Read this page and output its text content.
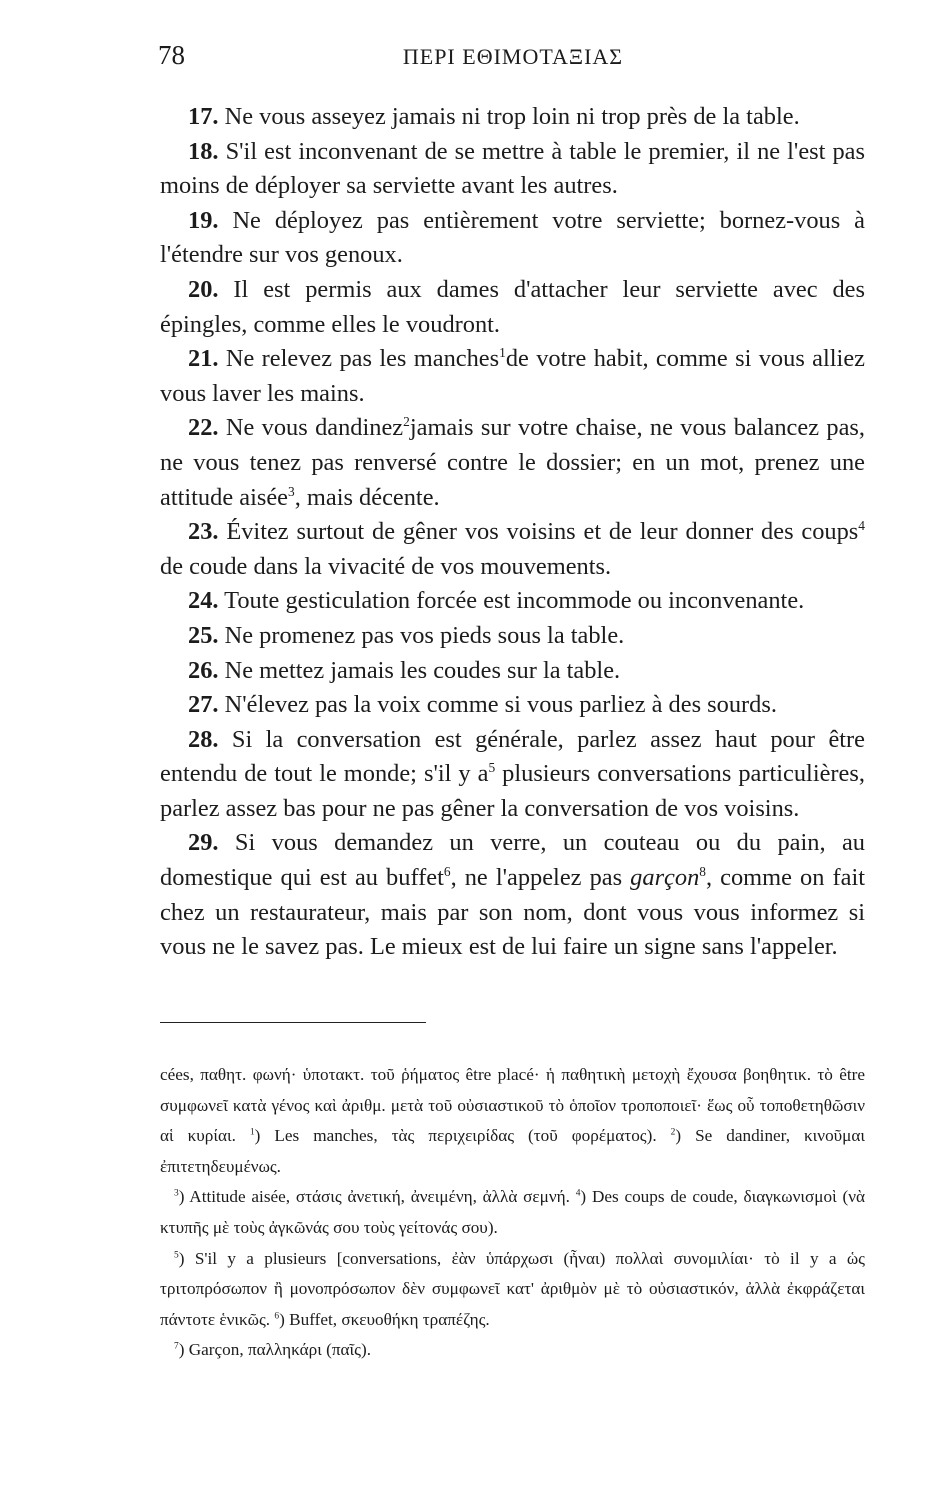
78	ΠΕΡΙ ΕΘΙΜΟΤΑΞΙΑΣ

17. Ne vous asseyez jamais ni trop loin ni trop près de la table.

18. S'il est inconvenant de se mettre à table le premier, il ne l'est pas moins de déployer sa serviette avant les autres.

19. Ne déployez pas entièrement votre serviette; bornez-vous à l'étendre sur vos genoux.

20. Il est permis aux dames d'attacher leur serviette avec des épingles, comme elles le voudront.

21. Ne relevez pas les manches$^1$de votre habit, comme si vous alliez vous laver les mains.

22. Ne vous dandinez$^2$jamais sur votre chaise, ne vous balancez pas, ne vous tenez pas renversé contre le dossier; en un mot, prenez une attitude aisée$^3$, mais décente.

23. Évitez surtout de gêner vos voisins et de leur donner des coups$^4$ de coude dans la vivacité de vos mouvements.

24. Toute gesticulation forcée est incommode ou inconvenante.

25. Ne promenez pas vos pieds sous la table.

26. Ne mettez jamais les coudes sur la table.

27. N'élevez pas la voix comme si vous parliez à des sourds.

28. Si la conversation est générale, parlez assez haut pour être entendu de tout le monde; s'il y $a^5$ plusieurs conversations particulières, parlez assez bas pour ne pas gêner la conversation de vos voisins.

29. Si vous demandez un verre, un couteau ou du pain, au domestique qui est au buffet$^6$, ne l'appelez pas garçon$^8$, comme on fait chez un restaurateur, mais par son nom, dont vous vous informez si vous ne le savez pas. Le mieux est de lui faire un signe sans l'appeler.

cées, παθητ. φωνή· ὑποτακτ. τοῦ ῥήματος être placé· ἡ παθητικὴ μετοχὴ ἔχουσα βοηθητικ. τὸ être συμφωνεῖ κατὰ γένος καὶ ἀριθμ. μετὰ τοῦ οὐσιαστικοῦ τὸ ὁποῖον τροποποιεῖ· ἕως οὗ τοποθετηθῶσιν αἱ κυρίαι. $^1$) Les manches, τὰς περιχειρίδας (τοῦ φορέματος). $^2$) Se dandiner, κινοῦμαι ἐπιτετηδευμένως.

$^3$) Attitude aisée, στάσις ἀνετική, ἀνειμένη, ἀλλὰ σεμνή. $^4$) Des coups de coude, διαγκωνισμοὶ (νὰ κτυπῆς μὲ τοὺς ἀγκῶνάς σου τοὺς γείτονάς σου).

$^5$) S'il y a plusieurs [conversations, ἐὰν ὑπάρχωσι (ἦναι) πολλαὶ συνομιλίαι· τὸ il y a ὡς τριτοπρόσωπον ἢ μονοπρόσωπον δὲν συμφωνεῖ κατ' ἀριθμὸν μὲ τὸ οὐσιαστικόν, ἀλλὰ ἐκφράζεται πάντοτε ἑνικῶς. $^6$) Buffet, σκευοθήκη τραπέζης.

$^7$) Garçon, παλληκάρι (παῖς).
